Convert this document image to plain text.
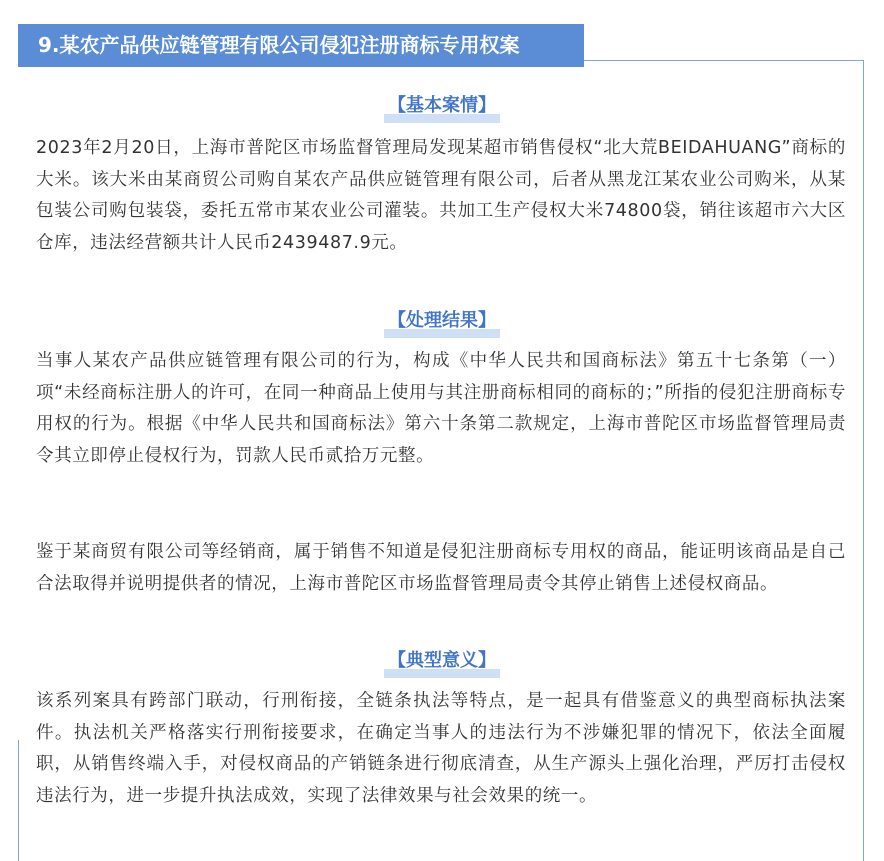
9.某农产品供应链管理有限公司侵犯注册商标专用权案
【基本案情】

2023年2月20日，上海市普陀区市场监督管理局发现某超市销售侵权“北大荒BEIDAHUANG”商标的大米。该大米由某商贸公司购自某农产品供应链管理有限公司，后者从黑龙江某农业公司购米，从某包装公司购包装袋，委托五常市某农业公司灌装。共加工生产侵权大米74800袋，销往该超市六大区仓库，违法经营额共计人民币2439487.9元。

【处理结果】

当事人某农产品供应链管理有限公司的行为，构成《中华人民共和国商标法》第五十七条第（一）项“未经商标注册人的许可，在同一种商品上使用与其注册商标相同的商标的；”所指的侵犯注册商标专用权的行为。根据《中华人民共和国商标法》第六十条第二款规定，上海市普陀区市场监督管理局责令其立即停止侵权行为，罚款人民币贰拾万元整。

鉴于某商贸有限公司等经销商，属于销售不知道是侵犯注册商标专用权的商品，能证明该商品是自己合法取得并说明提供者的情况，上海市普陀区市场监督管理局责令其停止销售上述侵权商品。

【典型意义】

该系列案具有跨部门联动，行刑衔接，全链条执法等特点，是一起具有借鉴意义的典型商标执法案件。执法机关严格落实行刑衔接要求，在确定当事人的违法行为不涉嫌犯罪的情况下，依法全面履职，从销售终端入手，对侵权商品的产销链条进行彻底清查，从生产源头上强化治理，严厉打击侵权违法行为，进一步提升执法成效，实现了法律效果与社会效果的统一。
